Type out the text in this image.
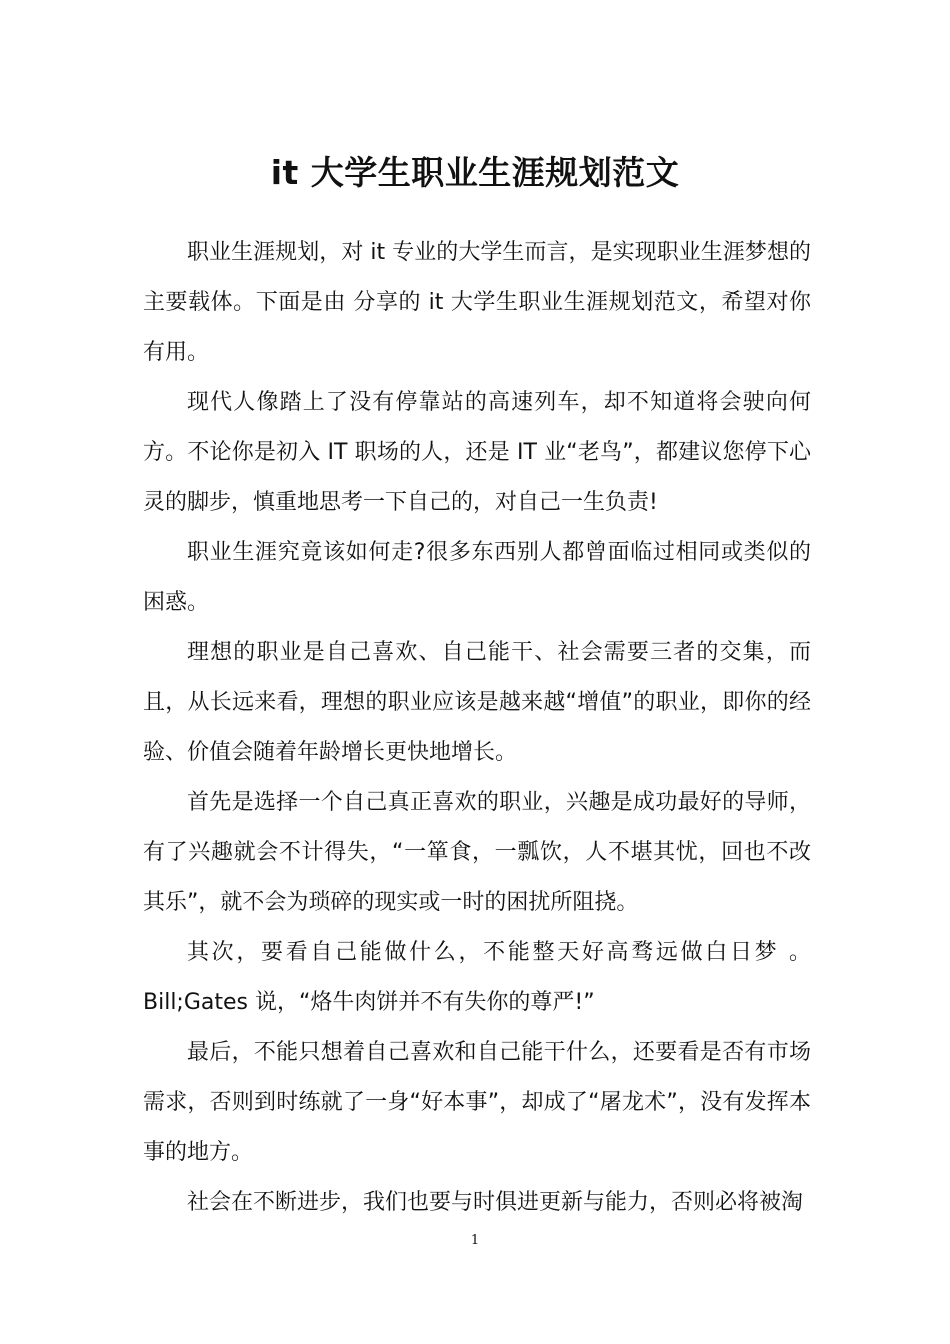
it 大学生职业生涯规划范文

职业生涯规划，对 it 专业的大学生而言，是实现职业生涯梦想的主要载体。下面是由 分享的 it 大学生职业生涯规划范文，希望对你有用。

现代人像踏上了没有停靠站的高速列车，却不知道将会驶向何方。不论你是初入 IT 职场的人，还是 IT 业“老鸟”，都建议您停下心灵的脚步，慎重地思考一下自己的，对自己一生负责!

职业生涯究竟该如何走?很多东西别人都曾面临过相同或类似的困惑。

理想的职业是自己喜欢、自己能干、社会需要三者的交集，而且，从长远来看，理想的职业应该是越来越“增值”的职业，即你的经验、价值会随着年龄增长更快地增长。

首先是选择一个自己真正喜欢的职业，兴趣是成功最好的导师，有了兴趣就会不计得失，“一箪食，一瓢饮，人不堪其忧，回也不改其乐”，就不会为琐碎的现实或一时的困扰所阻挠。

其次，要看自己能做什么，不能整天好高骛远做白日梦 。Bill;Gates 说，“烙牛肉饼并不有失你的尊严!”

最后，不能只想着自己喜欢和自己能干什么，还要看是否有市场需求，否则到时练就了一身“好本事”，却成了“屠龙术”，没有发挥本事的地方。

社会在不断进步，我们也要与时俱进更新与能力，否则必将被淘

1
